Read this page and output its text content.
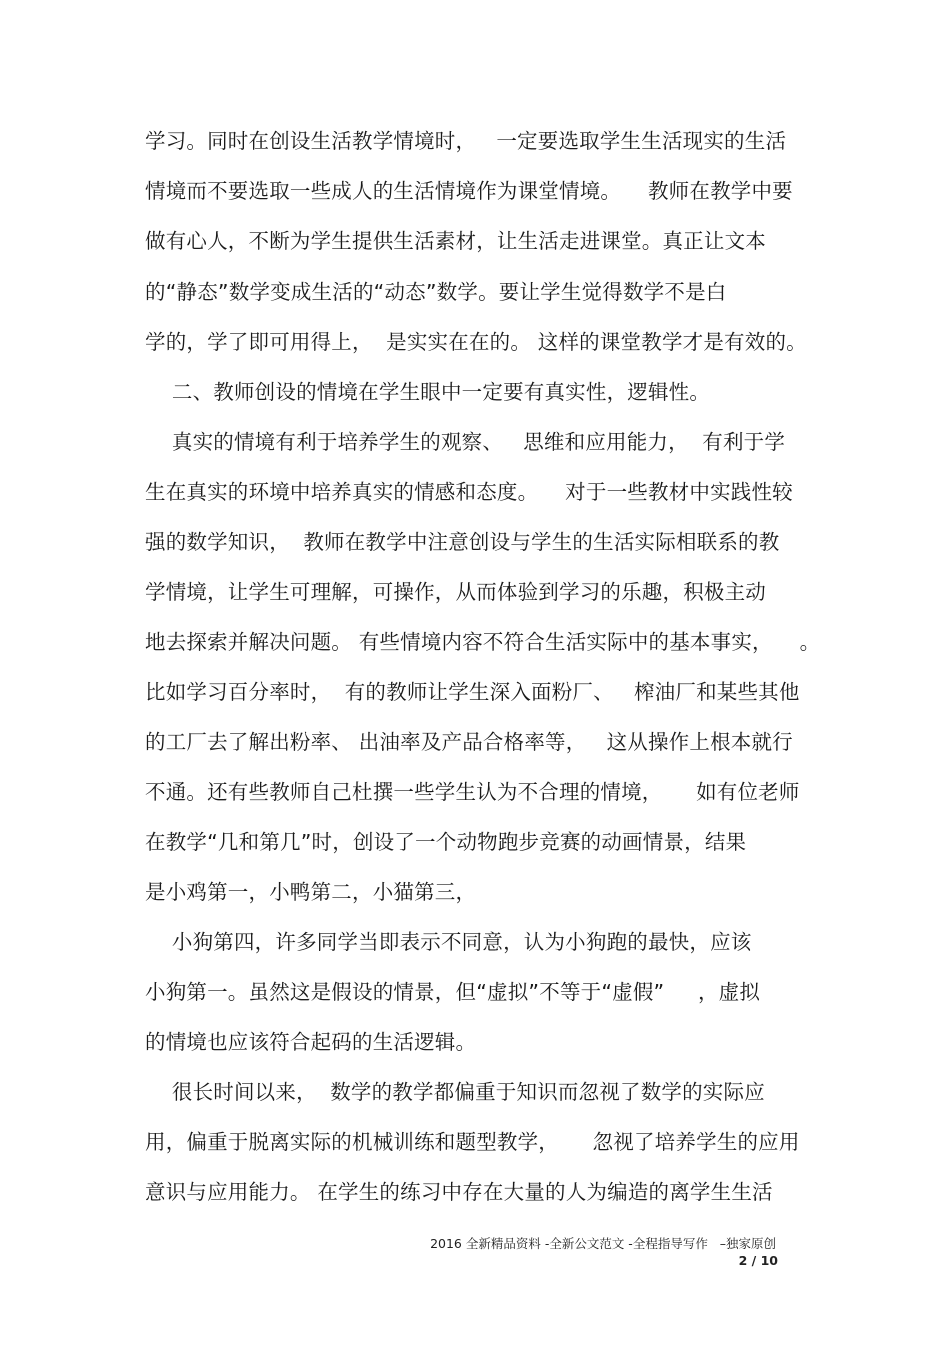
学习。同时在创设生活教学情境时，   一定要选取学生生活现实的生活
情境而不要选取一些成人的生活情境作为课堂情境。    教师在教学中要
做有心人，不断为学生提供生活素材，让生活走进课堂。真正让文本
的“静态”数学变成生活的“动态”数学。要让学生觉得数学不是白
学的，学了即可用得上，  是实实在在的。 这样的课堂教学才是有效的。
二、教师创设的情境在学生眼中一定要有真实性，逻辑性。
真实的情境有利于培养学生的观察、   思维和应用能力，  有利于学
生在真实的环境中培养真实的情感和态度。    对于一些教材中实践性较
强的数学知识，  教师在教学中注意创设与学生的生活实际相联系的教
学情境，让学生可理解，可操作，从而体验到学习的乐趣，积极主动
地去探索并解决问题。 有些情境内容不符合生活实际中的基本事实，    。
比如学习百分率时，  有的教师让学生深入面粉厂、   榨油厂和某些其他
的工厂去了解出粉率、 出油率及产品合格率等，   这从操作上根本就行
不通。还有些教师自己杜撰一些学生认为不合理的情境，     如有位老师
在教学“几和第几”时，创设了一个动物跑步竞赛的动画情景，结果
是小鸡第一，小鸭第二，小猫第三，
小狗第四，许多同学当即表示不同意，认为小狗跑的最快，应该
小狗第一。虽然这是假设的情景，但“虚拟”不等于“虚假”     ，虚拟
的情境也应该符合起码的生活逻辑。
很长时间以来，  数学的教学都偏重于知识而忽视了数学的实际应
用，偏重于脱离实际的机械训练和题型教学，     忽视了培养学生的应用
意识与应用能力。 在学生的练习中存在大量的人为编造的离学生生活
2016 全新精品资料 -全新公文范文 -全程指导写作   –独家原创
2 / 10
